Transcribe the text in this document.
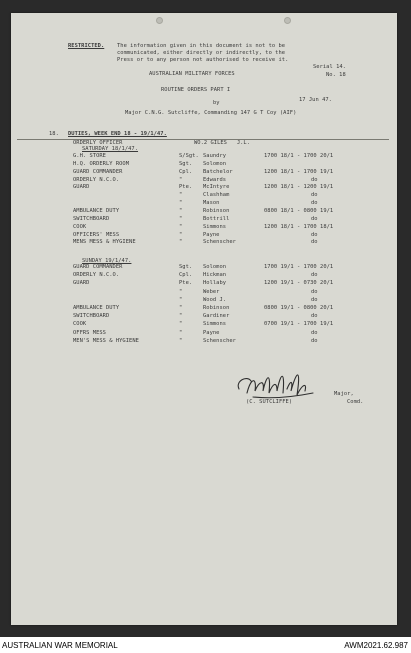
RESTRICTED. The information given in this document is not to be
communicated, either directly or indirectly, to the
Press or to any person not authorised to receive it.
Serial 14.
AUSTRALIAN MILITARY FORCES	No. 18
ROUTINE ORDERS PART I
by	17 Jun 47.
Major C.N.G. Sutcliffe, Commanding 147 G T Coy (AIF)
18. DUTIES, WEEK END 18 - 19/1/47.
ORDERLY OFFICER	WO.2 GILES   J.L.
SATURDAY 18/1/47.
G.H. STORE	S/Sgt. Saundry	1700 18/1 - 1700 20/1
H.Q. ORDERLY ROOM	Sgt. Solomon
GUARD COMMANDER	Cpl. Batchelor	1200 18/1 - 1700 19/1
ORDERLY N.C.O.	"	Edwards	do
GUARD	Pte. McIntyre	1200 18/1 - 1200 19/1
"	Clashham	do
"	Mason	do
AMBULANCE DUTY	"	Robinson	0800 18/1 - 0800 19/1
SWITCHBOARD	"	Bottrill	do
COOK	"	Simmons	1200 18/1 - 1700 18/1
OFFICERS' MESS	"	Payne	do
MENS MESS & HYGIENE	"	Schenscher	do
SUNDAY 19/1/47.
GUARD COMMANDER	Sgt. Solomon	1700 19/1 - 1700 20/1
ORDERLY N.C.O.	Cpl. Hickman	do
GUARD	Pte. Hollaby	1200 19/1 - 0730 20/1
"	Weber	do
"	Wood J.	do
AMBULANCE DUTY	"	Robinson	0800 19/1 - 0800 20/1
SWITCHBOARD	"	Gardiner	do
COOK	"	Simmons	0700 19/1 - 1700 19/1
OFFRS MESS	"	Payne	do
MEN'S MESS & HYGIENE	"	Schenscher	do
Major,
(C. SUTCLIFFE)	Comd.
AUSTRALIAN WAR MEMORIAL	AWM2021.62.987
